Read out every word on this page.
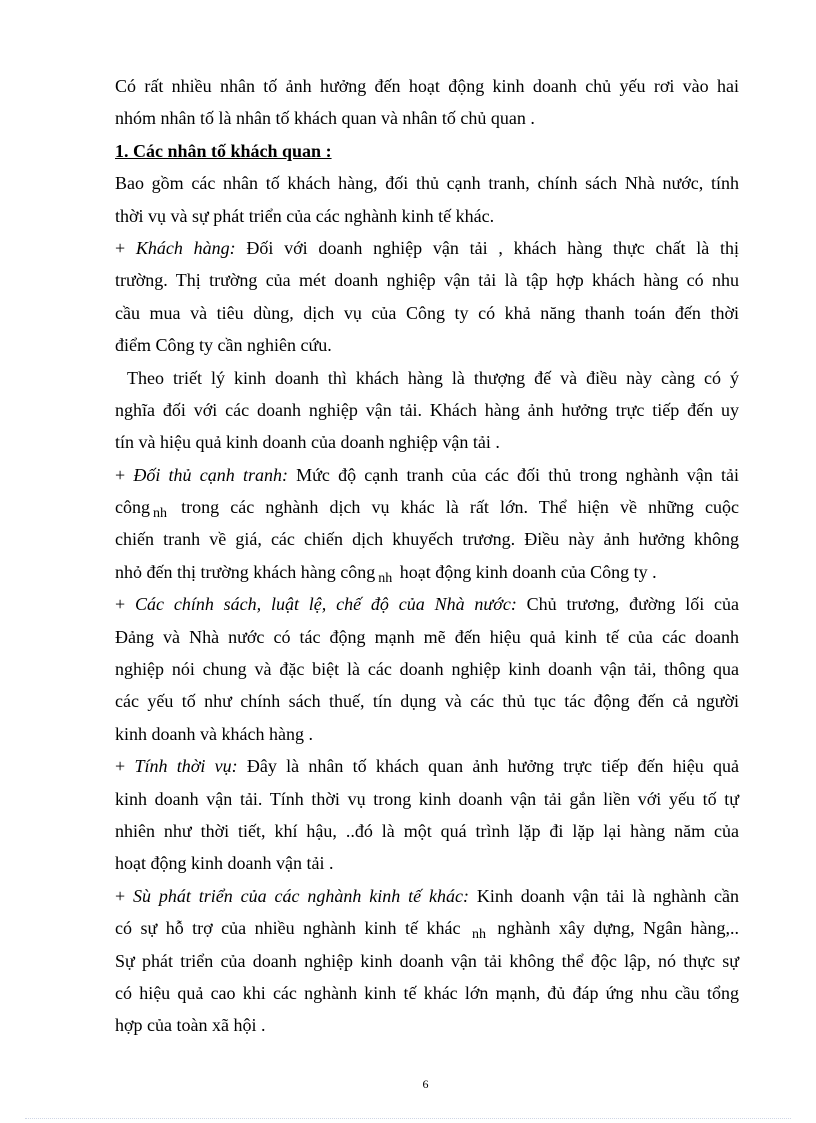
Có rất nhiều nhân tố ảnh hưởng đến hoạt động kinh doanh chủ yếu rơi vào hai
nhóm nhân tố là nhân tố khách quan và nhân tố chủ quan .
1. Các nhân tố khách quan :
Bao gồm các nhân tố khách hàng, đối thủ cạnh tranh, chính sách Nhà nước, tính
thời vụ và sự phát triển của các nghành kinh tế khác.
+ Khách hàng: Đối với doanh nghiệp vận tải , khách hàng thực chất là thị
trường. Thị trường của mét doanh nghiệp vận tải là tập hợp khách hàng có nhu
cầu mua và tiêu dùng, dịch vụ của Công ty có khả năng thanh toán đến thời
điểm Công ty cần nghiên cứu.
Theo triết lý kinh doanh thì khách hàng là thượng đế và điều này càng có ý
nghĩa đối với các doanh nghiệp vận tải. Khách hàng ảnh hưởng trực tiếp đến uy
tín và hiệu quả kinh doanh của doanh nghiệp vận tải .
+ Đối thủ cạnh tranh: Mức độ cạnh tranh của các đối thủ trong nghành vận tải
công $_{nh}$ trong các nghành dịch vụ khác là rất lớn. Thể hiện về những cuộc
chiến tranh về giá, các chiến dịch khuyếch trương. Điều này ảnh hưởng không
nhỏ đến thị trường khách hàng công $_{nh}$ hoạt động kinh doanh của Công ty .
+ Các chính sách, luật lệ, chế độ của Nhà nước: Chủ trương, đường lối của
Đảng và Nhà nước có tác động mạnh mẽ đến hiệu quả kinh tế của các doanh
nghiệp nói chung và đặc biệt là các doanh nghiệp kinh doanh vận tải, thông qua
các yếu tố như chính sách thuế, tín dụng và các thủ tục tác động đến cả người
kinh doanh và khách hàng .
+ Tính thời vụ: Đây là nhân tố khách quan ảnh hưởng trực tiếp đến hiệu quả
kinh doanh vận tải. Tính thời vụ trong kinh doanh vận tải gắn liền với yếu tố tự
nhiên như thời tiết, khí hậu, ..đó là một quá trình lặp đi lặp lại hàng năm của
hoạt động kinh doanh vận tải .
+ Sù phát triển của các nghành kinh tế khác: Kinh doanh vận tải là nghành cần
có sự hỗ trợ của nhiều nghành kinh tế khác $_{nh}$ nghành xây dựng, Ngân hàng,..
Sự phát triển của doanh nghiệp kinh doanh vận tải không thể độc lập, nó thực sự
có hiệu quả cao khi các nghành kinh tế khác lớn mạnh, đủ đáp ứng nhu cầu tổng
hợp của toàn xã hội .
6
